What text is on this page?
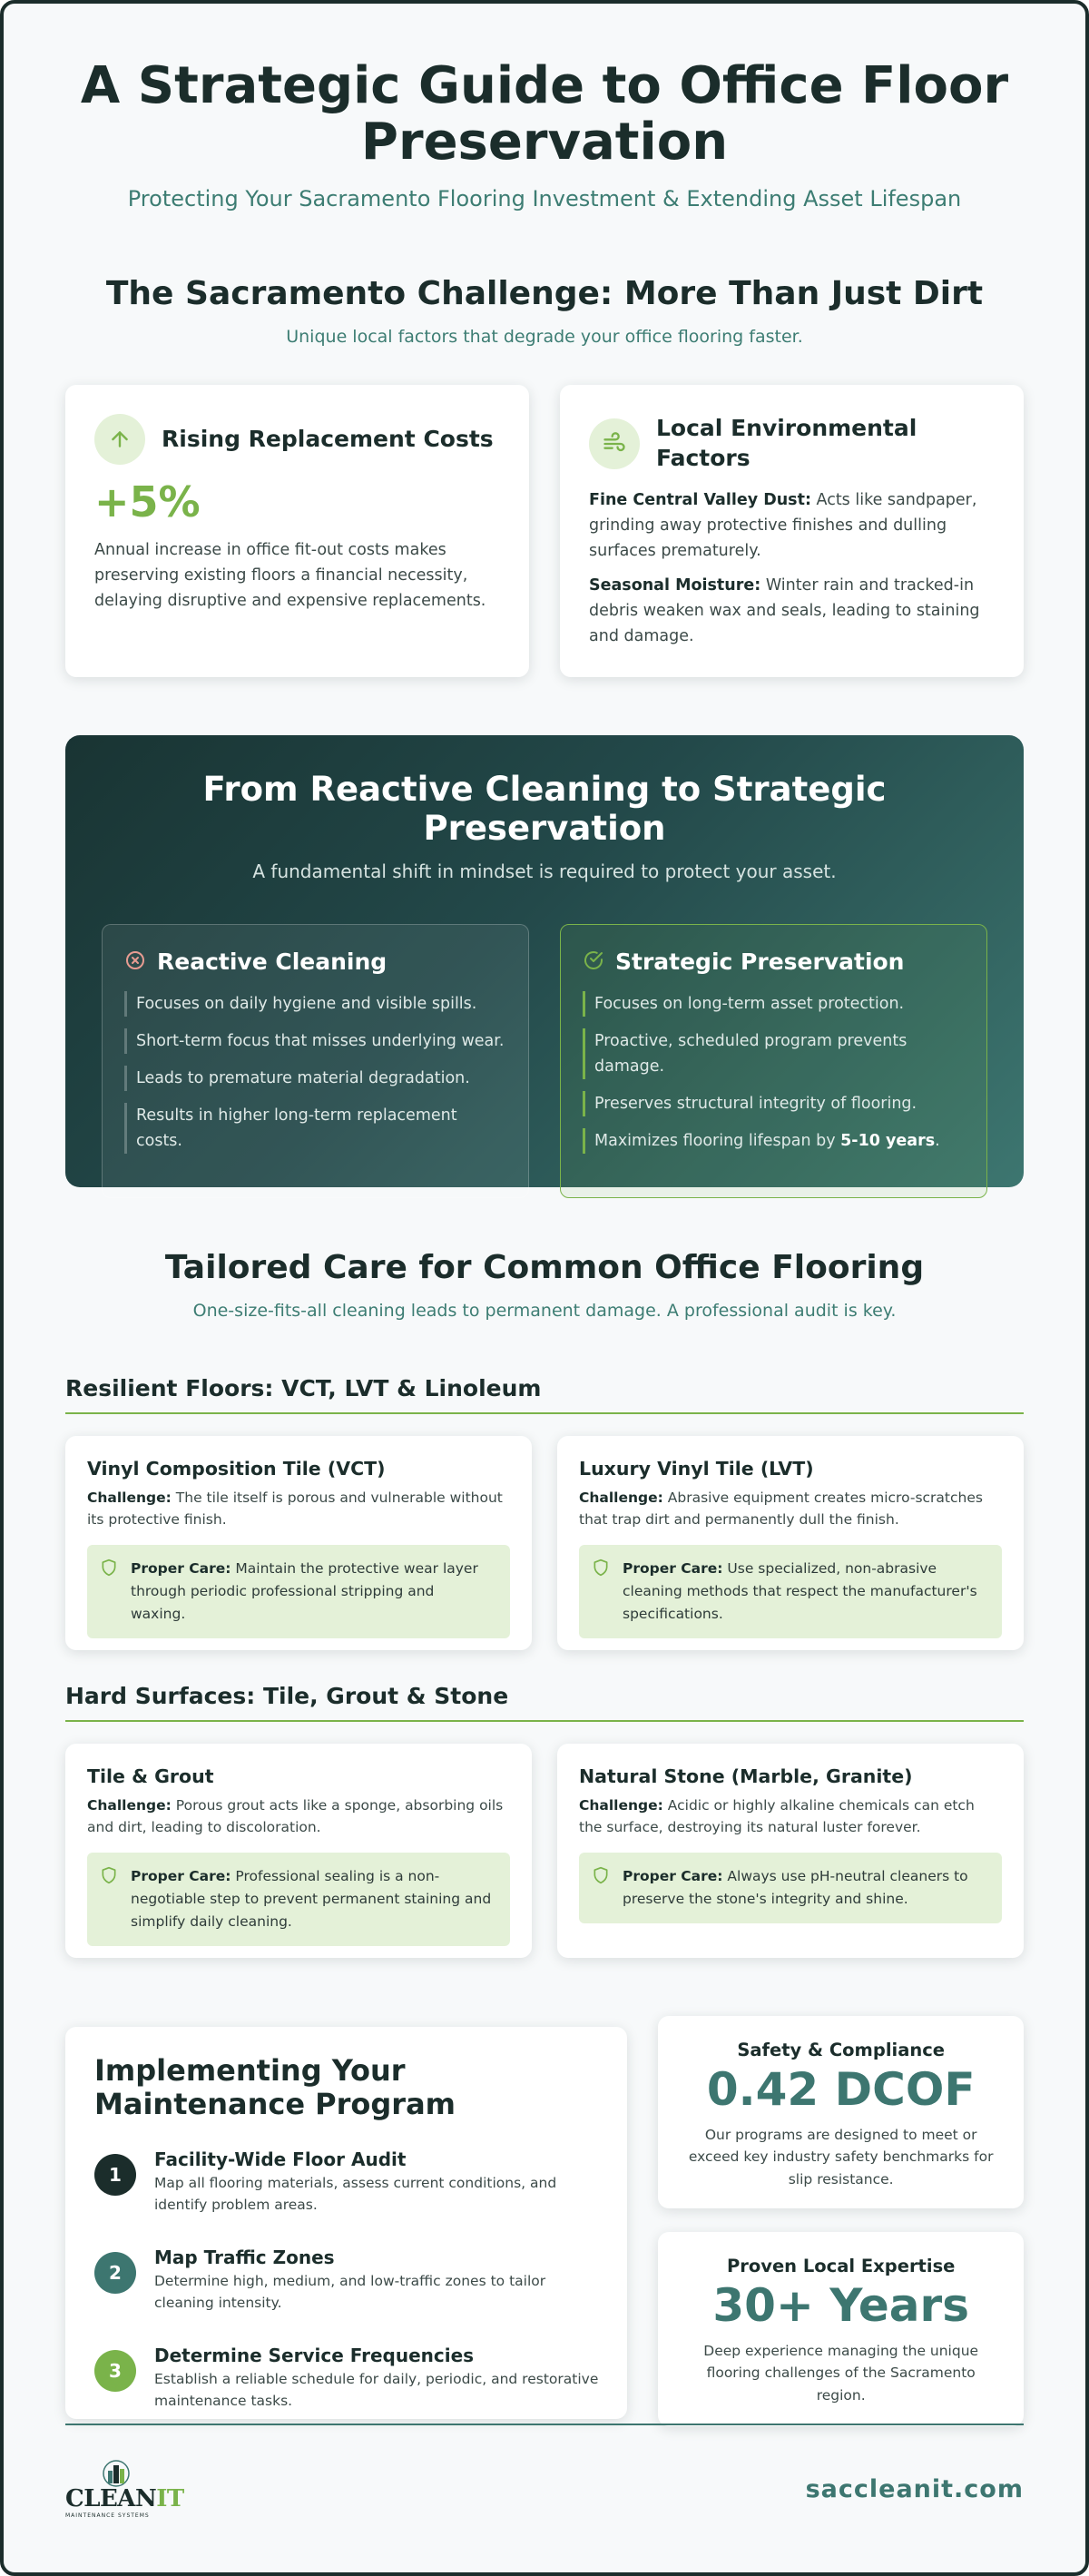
A Strategic Guide to Office Floor Preservation

Protecting Your Sacramento Flooring Investment & Extending Asset Lifespan

The Sacramento Challenge: More Than Just Dirt

Unique local factors that degrade your office flooring faster.

Rising Replacement Costs
+5%

Annual increase in office fit-out costs makes preserving existing floors a financial necessity, delaying disruptive and expensive replacements.

Local Environmental Factors

Fine Central Valley Dust: Acts like sandpaper, grinding away protective finishes and dulling surfaces prematurely.

Seasonal Moisture: Winter rain and tracked-in debris weaken wax and seals, leading to staining and damage.

From Reactive Cleaning to Strategic Preservation

A fundamental shift in mindset is required to protect your asset.

Reactive Cleaning
Focuses on daily hygiene and visible spills.
Short-term focus that misses underlying wear.
Leads to premature material degradation.
Results in higher long-term replacement costs.
Strategic Preservation
Focuses on long-term asset protection.
Proactive, scheduled program prevents damage.
Preserves structural integrity of flooring.
Maximizes flooring lifespan by 5-10 years.
Tailored Care for Common Office Flooring

One-size-fits-all cleaning leads to permanent damage. A professional audit is key.

Resilient Floors: VCT, LVT & Linoleum
Vinyl Composition Tile (VCT)

Challenge: The tile itself is porous and vulnerable without its protective finish.

Proper Care: Maintain the protective wear layer through periodic professional stripping and waxing.

Luxury Vinyl Tile (LVT)

Challenge: Abrasive equipment creates micro-scratches that trap dirt and permanently dull the finish.

Proper Care: Use specialized, non-abrasive cleaning methods that respect the manufacturer's specifications.

Hard Surfaces: Tile, Grout & Stone
Tile & Grout

Challenge: Porous grout acts like a sponge, absorbing oils and dirt, leading to discoloration.

Proper Care: Professional sealing is a non-negotiable step to prevent permanent staining and simplify daily cleaning.

Natural Stone (Marble, Granite)

Challenge: Acidic or highly alkaline chemicals can etch the surface, destroying its natural luster forever.

Proper Care: Always use pH-neutral cleaners to preserve the stone's integrity and shine.

Implementing Your Maintenance Program
1
Facility-Wide Floor Audit
Map all flooring materials, assess current conditions, and identify problem areas.
2
Map Traffic Zones
Determine high, medium, and low-traffic zones to tailor cleaning intensity.
3
Determine Service Frequencies
Establish a reliable schedule for daily, periodic, and restorative maintenance tasks.
Safety & Compliance
0.42 DCOF
Our programs are designed to meet or exceed key industry safety benchmarks for slip resistance.
Proven Local Expertise
30+ Years
Deep experience managing the unique flooring challenges of the Sacramento region.
CLEANIT
MAINTENANCE SYSTEMS
saccleanit.com
